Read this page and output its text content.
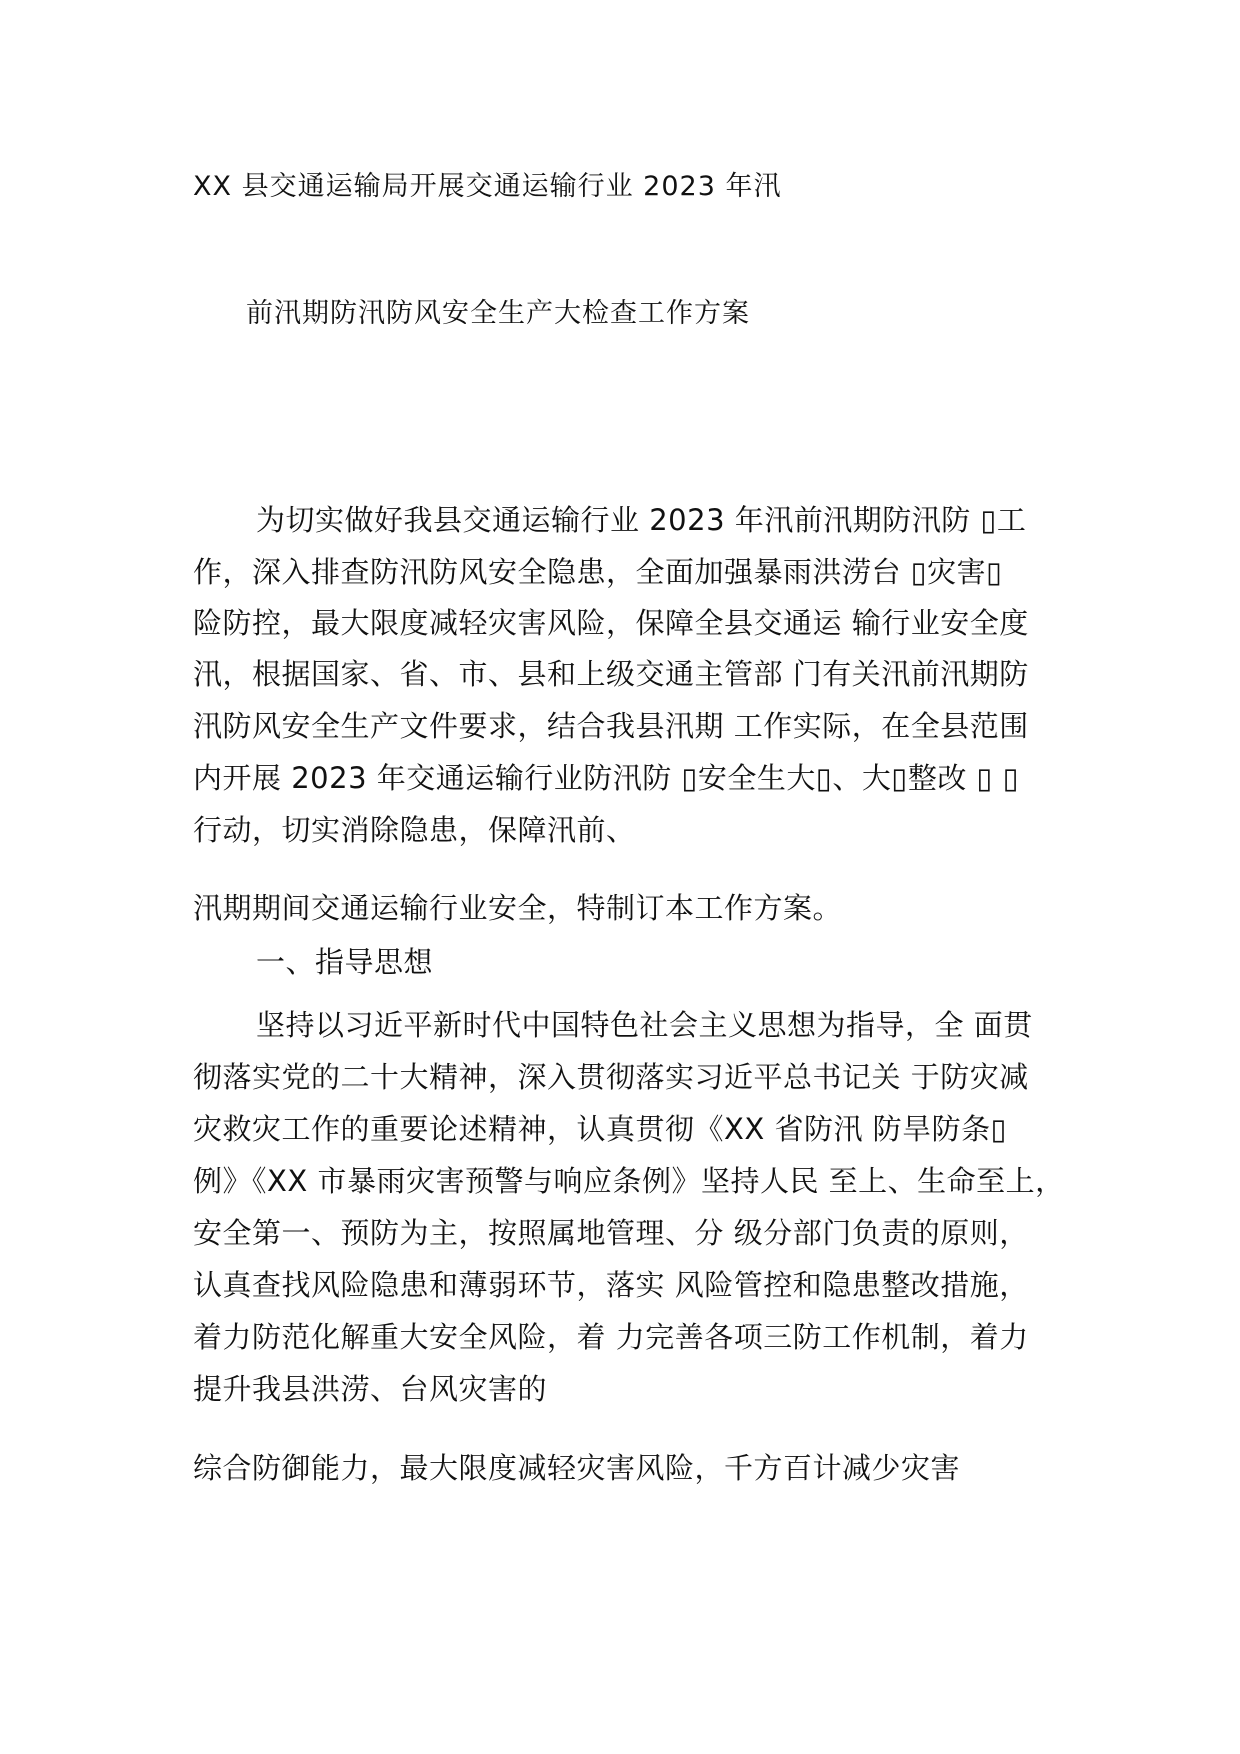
XX 县交通运输局开展交通运输行业 2023 年汛
前汛期防汛防风安全生产大检查工作方案
为切实做好我县交通运输行业 2023 年汛前汛期防汛防 ▯工
作，深入排查防汛防风安全隐患，全面加强暴雨洪涝台 ▯灾害▯
险防控，最大限度减轻灾害风险，保障全县交通运 输行业安全度
汛，根据国家、省、市、县和上级交通主管部 门有关汛前汛期防
汛防风安全生产文件要求，结合我县汛期 工作实际，在全县范围
内开展 2023 年交通运输行业防汛防 ▯安全生大▯、大▯整改 ▯ ▯
行动，切实消除隐患，保障汛前、
汛期期间交通运输行业安全，特制订本工作方案。
一、指导思想
坚持以习近平新时代中国特色社会主义思想为指导，全 面贯
彻落实党的二十大精神，深入贯彻落实习近平总书记关 于防灾减
灾救灾工作的重要论述精神，认真贯彻《XX 省防汛 防旱防条▯
例》《XX 市暴雨灾害预警与响应条例》坚持人民 至上、生命至上，
安全第一、预防为主，按照属地管理、分 级分部门负责的原则，
认真查找风险隐患和薄弱环节，落实 风险管控和隐患整改措施，
着力防范化解重大安全风险，着 力完善各项三防工作机制，着力
提升我县洪涝、台风灾害的
综合防御能力，最大限度减轻灾害风险，千方百计减少灾害
